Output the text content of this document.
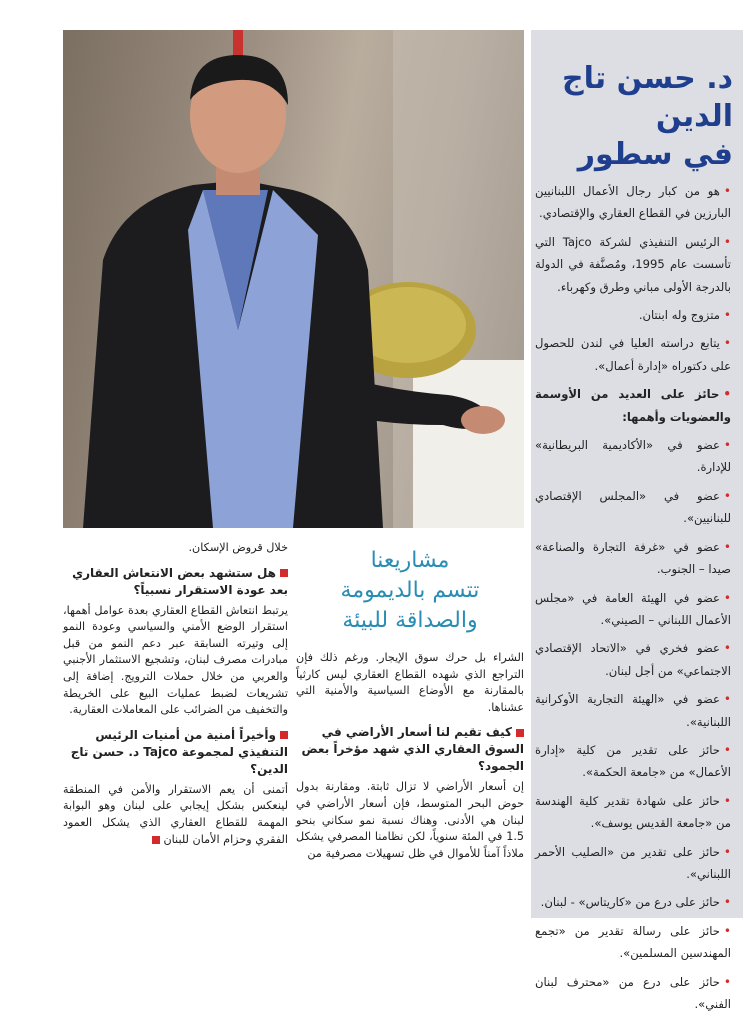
د. حسن تاج الدين
في سطور
•هو من كبار رجال الأعمال اللبنانيين البارزين في القطاع العقاري والإقتصادي.
•الرئيس التنفيذي لشركة Tajco التي تأسست عام 1995، ومُصنَّفة في الدولة بالدرجة الأولى مباني وطرق وكهرباء.
•متزوج وله ابنتان.
•يتابع دراسته العليا في لندن للحصول على دكتوراه «إدارة أعمال».
•حائز على العديد من الأوسمة والعضويات وأهمها:
•عضو في «الأكاديمية البريطانية» للإدارة.
•عضو في «المجلس الإقتصادي للبنانيين».
•عضو في «غرفة التجارة والصناعة» صيدا – الجنوب.
•عضو في الهيئة العامة في «مجلس الأعمال اللبناني – الصيني».
•عضو فخري في «الاتحاد الإقتصادي الاجتماعي» من أجل لبنان.
•عضو في «الهيئة التجارية الأوكرانية اللبنانية».
•حائز على تقدير من كلية «إدارة الأعمال» من «جامعة الحكمة».
•حائز على شهادة تقدير كلية الهندسة من «جامعة القديس يوسف».
•حائز على تقدير من «الصليب الأحمر اللبناني».
•حائز على درع من «كاريتاس» - لبنان.
•حائز على رسالة تقدير من «تجمع المهندسين المسلمين».
•حائز على درع من «محترف لبنان الفني».
مشاريعنا
تتسم بالديمومة
والصداقة للبيئة

الشراء بل حرك سوق الإيجار. ورغم ذلك فإن التراجع الذي شهده القطاع العقاري ليس كارثياً بالمقارنة مع الأوضاع السياسية والأمنية التي عشناها.

كيف تقيم لنا أسعار الأراضي في السوق العقاري الذي شهد مؤخراً بعض الجمود؟

إن أسعار الأراضي لا تزال ثابتة. ومقارنة بدول حوض البحر المتوسط، فإن أسعار الأراضي في لبنان هي الأدنى. وهناك نسبة نمو سكاني بنحو 1.5 في المئة سنوياً، لكن نظامنا المصرفي يشكل ملاذاً آمناً للأموال في ظل تسهيلات مصرفية من

خلال قروض الإسكان.

هل ستشهد بعض الانتعاش العقاري بعد عودة الاستقرار نسبياً؟

يرتبط انتعاش القطاع العقاري بعدة عوامل أهمها، استقرار الوضع الأمني والسياسي وعودة النمو إلى وتيرته السابقة عبر دعم النمو من قبل مبادرات مصرف لبنان، وتشجيع الاستثمار الأجنبي والعربي من خلال حملات الترويج. إضافة إلى تشريعات لضبط عمليات البيع على الخريطة والتخفيف من الضرائب على المعاملات العقارية.

وأخيراً أمنية من أمنيات الرئيس التنفيذي لمجموعة Tajco د. حسن تاج الدين؟

أتمنى أن يعم الاستقرار والأمن في المنطقة لينعكس بشكل إيجابي على لبنان وهو البوابة المهمة للقطاع العقاري الذي يشكل العمود الفقري وحزام الأمان للبنان
